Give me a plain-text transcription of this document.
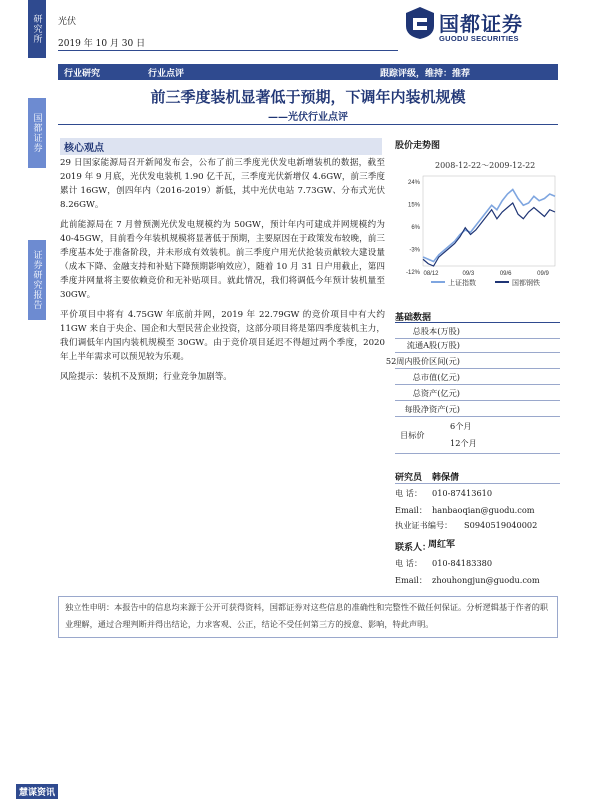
研究所
国都证券
证券研究报告
光伏
2019 年 10 月 30 日
国都证券
GUODU SECURITIES
行业研究	行业点评	跟踪评级，维持：推荐
前三季度装机显著低于预期，下调年内装机规模
——光伏行业点评
核心观点

29 日国家能源局召开新闻发布会，公布了前三季度光伏发电新增装机的数据，截至 2019 年 9 月底，光伏发电装机 1.90 亿千瓦，三季度光伏新增仅 4.6GW，前三季度累计 16GW，创四年内（2016-2019）新低，其中光伏电站 7.73GW、分布式光伏 8.26GW。

此前能源局在 7 月曾预测光伏发电规模约为 50GW，预计年内可建成并网规模约为 40-45GW，目前看今年装机规模将显著低于预期，主要原因在于政策发布较晚，前三季度基本处于准备阶段，并未形成有效装机。前三季度户用光伏抢装贡献较大建设量（成本下降、金融支持和补贴下降预期影响效应），随着 10 月 31 日户用截止，第四季度并网量将主要依赖竞价和无补贴项目。就此情况，我们将调低今年预计装机量至 30GW。

平价项目中将有 4.75GW 年底前并网，2019 年 22.79GW 的竞价项目中有大约 11GW 来自于央企、国企和大型民营企业投资，这部分项目将是第四季度装机主力，我们调低年内国内装机规模至 30GW。由于竞价项目延迟不得超过两个季度，2020 年上半年需求可以预见较为乐观。

风险提示：装机不及预期；行业竞争加剧等。

股价走势图
2008-12-22～2009-12-22
24%
15%
6%
-3%
-12% 08/12	09/3	09/6	09/9
上证指数	国都钢铁
基础数据
总股本(万股)
流通A股(万股)
52周内股价区间(元)
总市值(亿元)
总资产(亿元)
每股净资产(元)
目标价
6个月
12个月
研究员 韩保倩
电 话： 010-87413610
Email： hanbaoqian@guodu.com
执业证书编号： S0940519040002
联系人：
周红军
电 话： 010-84183380
Email： zhouhongjun@guodu.com
独立性申明：本报告中的信息均来源于公开可获得资料，国都证券对这些信息的准确性和完整性不做任何保证。分析逻辑基于作者的职业理解，通过合理判断并得出结论，力求客观、公正，结论不受任何第三方的授意、影响，特此声明。
慧谋资讯
